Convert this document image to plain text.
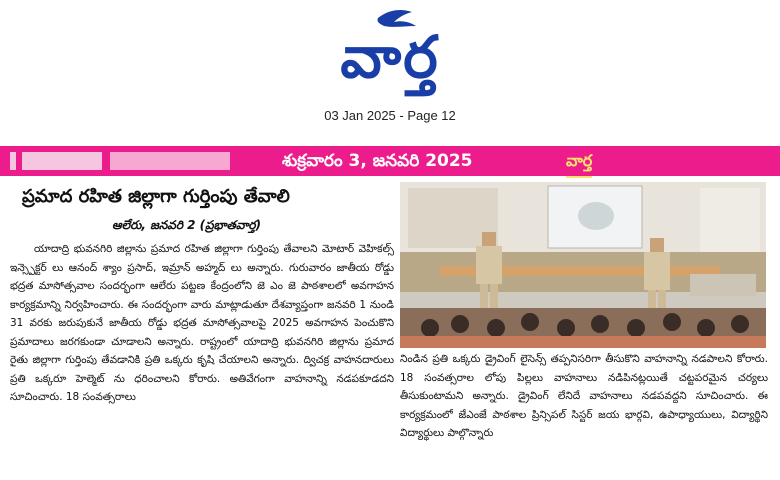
వార్త
03 Jan 2025 - Page 12
శుక్రవారం 3, జనవరి 2025	వార్త
ప్రమాద రహిత జిల్లాగా గుర్తింపు తేవాలి
ఆలేరు, జనవరి 2 (ప్రభాతవార్త)

యాదాద్రి భువనగిరి జిల్లాను ప్రమాద రహిత జిల్లాగా గుర్తింపు తేవాలని మోటార్ వెహికల్స్ ఇన్స్పెక్టర్ లు ఆనంద్ శ్యాం ప్రసాద్, ఇమ్రాన్ అహ్మద్ లు అన్నారు. గురువారం జాతీయ రోడ్డు భద్రత మాసోత్సవాల సందర్భంగా ఆలేరు పట్టణ కేంద్రంలోని జె ఎం జె పాఠశాలలో అవగాహన కార్యక్రమాన్ని నిర్వహించారు. ఈ సందర్భంగా వారు మాట్లాడుతూ దేశవ్యాప్తంగా జనవరి 1 నుండి 31 వరకు జరుపుకునే జాతీయ రోడ్డు భద్రత మాసోత్సవాలపై 2025 అవగాహన పెంచుకొని ప్రమాదాలు జరగకుండా చూడాలని అన్నారు. రాష్ట్రంలో యాదాద్రి భువనగిరి జిల్లాను ప్రమాద రైతు జిల్లాగా గుర్తింపు తేవడానికి ప్రతి ఒక్కరు కృషి చేయాలని అన్నారు. ద్విచక్ర వాహనదారులు ప్రతి ఒక్కరూ హెల్మెట్ ను ధరించాలని కోరారు. అతివేగంగా వాహనాన్ని నడపకూడదని సూచించారు. 18 సంవత్సరాలు

నిండిన ప్రతి ఒక్కరు డ్రైవింగ్ లైసెన్స్ తప్పనిసరిగా తీసుకొని వాహనాన్ని నడపాలని కోరారు. 18 సంవత్సరాల లోపు పిల్లలు వాహనాలు నడిపినట్లయితే చట్టపరమైన చర్యలు తీసుకుంటామని అన్నారు. డ్రైవింగ్ లేనిదే వాహనాలు నడపవద్దని సూచించారు. ఈ కార్యక్రమంలో జేఎంజే పాఠశాల ప్రిన్సిపల్ సిస్టర్ జయ భార్గవి, ఉపాధ్యాయులు, విద్యార్థిని విద్యార్థులు పాల్గొన్నారు
